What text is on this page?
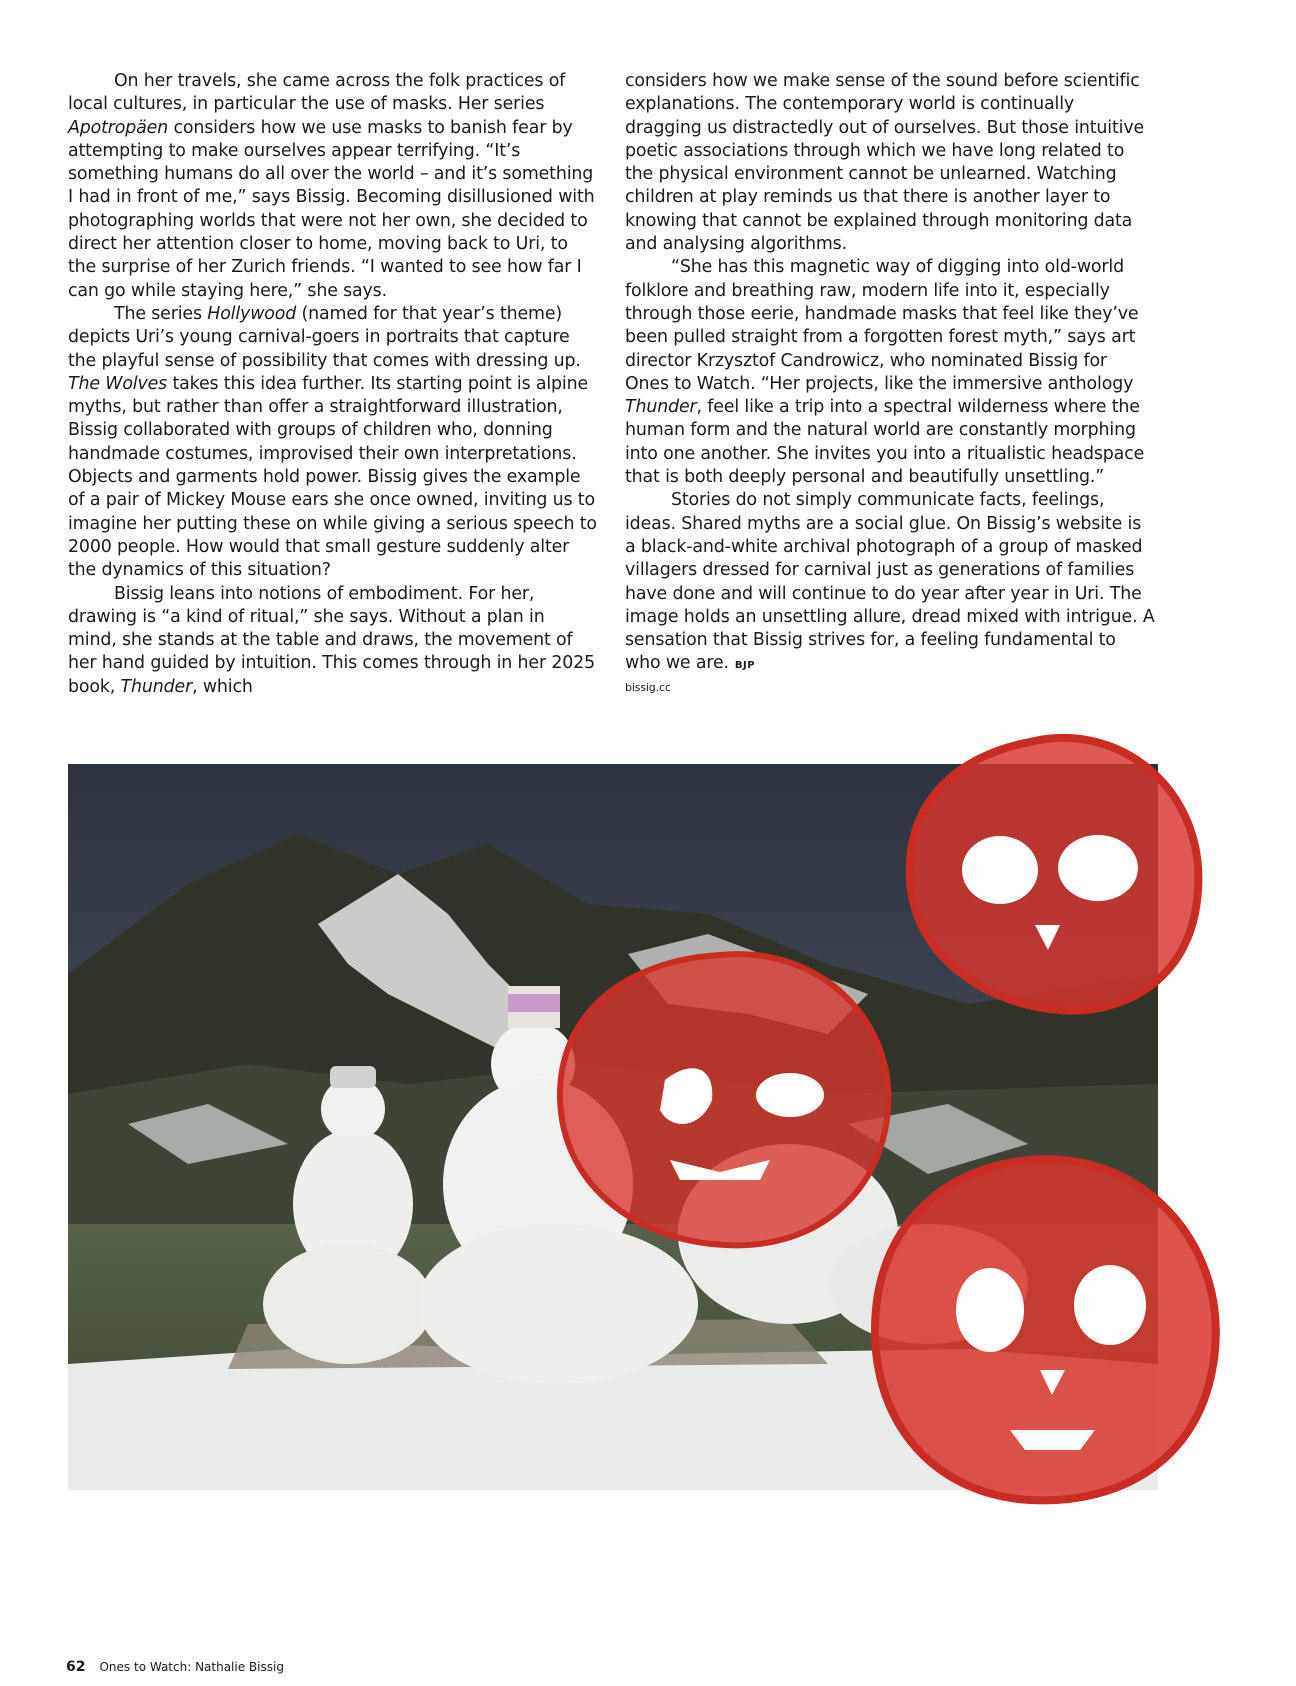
On her travels, she came across the folk practices of local cultures, in particular the use of masks. Her series Apotropäen considers how we use masks to banish fear by attempting to make ourselves appear terrifying. “It’s something humans do all over the world – and it’s something I had in front of me,” says Bissig. Becoming disillusioned with photographing worlds that were not her own, she decided to direct her attention closer to home, moving back to Uri, to the surprise of her Zurich friends. “I wanted to see how far I can go while staying here,” she says.

The series Hollywood (named for that year’s theme) depicts Uri’s young carnival-goers in portraits that capture the playful sense of possibility that comes with dressing up. The Wolves takes this idea further. Its starting point is alpine myths, but rather than offer a straightforward illustration, Bissig collaborated with groups of children who, donning handmade costumes, improvised their own interpretations. Objects and garments hold power. Bissig gives the example of a pair of Mickey Mouse ears she once owned, inviting us to imagine her putting these on while giving a serious speech to 2000 people. How would that small gesture suddenly alter the dynamics of this situation?

Bissig leans into notions of embodiment. For her, drawing is “a kind of ritual,” she says. Without a plan in mind, she stands at the table and draws, the movement of her hand guided by intuition. This comes through in her 2025 book, Thunder, which

considers how we make sense of the sound before scientific explanations. The contemporary world is continually dragging us distractedly out of ourselves. But those intuitive poetic associations through which we have long related to the physical environment cannot be unlearned. Watching children at play reminds us that there is another layer to knowing that cannot be explained through monitoring data and analysing algorithms.

“She has this magnetic way of digging into old-world folklore and breathing raw, modern life into it, especially through those eerie, handmade masks that feel like they’ve been pulled straight from a forgotten forest myth,” says art director Krzysztof Candrowicz, who nominated Bissig for Ones to Watch. “Her projects, like the immersive anthology Thunder, feel like a trip into a spectral wilderness where the human form and the natural world are constantly morphing into one another. She invites you into a ritualistic headspace that is both deeply personal and beautifully unsettling.”

Stories do not simply communicate facts, feelings, ideas. Shared myths are a social glue. On Bissig’s website is a black-and-white archival photograph of a group of masked villagers dressed for carnival just as generations of families have done and will continue to do year after year in Uri. The image holds an unsettling allure, dread mixed with intrigue. A sensation that Bissig strives for, a feeling fundamental to who we are. BJP

bissig.cc
62 Ones to Watch: Nathalie Bissig
